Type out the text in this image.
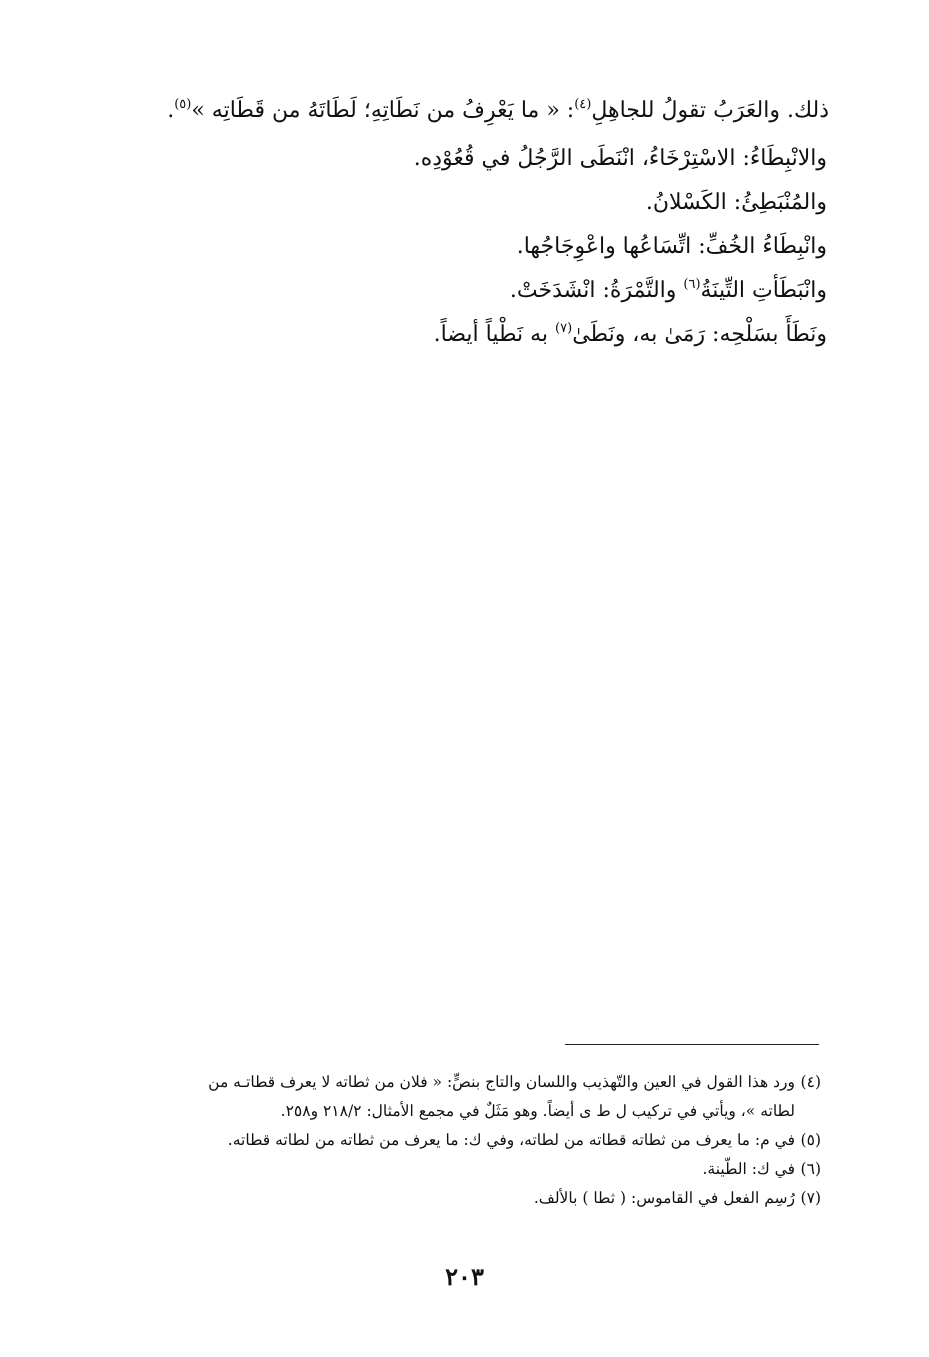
ذلك. والعَرَبُ تقولُ للجاهِلِ$^{(٤)}$: « ما يَعْرِفُ من نَطَاتِهِ؛ لَطَاتَهُ من قَطَاتِه »$^{(٥)}$.
والانْبِطَاءُ: الاسْتِرْخَاءُ، انْنَطَى الرَّجُلُ في قُعُوْدِه.
والمُنْبَطِئُ: الكَسْلانُ.
وانْبِطَاءُ الخُفِّ: اتِّسَاعُها واعْوِجَاجُها.
وانْبَطَأتِ التِّينَةُ$^{(٦)}$ والتَّمْرَةُ: انْشَدَخَتْ.
ونَطَأَ بسَلْحِه: رَمَىٰ به، ونَطَىٰ$^{(٧)}$ به نَطْياً أيضاً.
(٤)
ورد هذا القول في العين والتّهذيب واللسان والتاج بنصٍّ: « فلان من ثطاته لا يعرف قطاتـه من
لطاته »، ويأتي في تركيب ل ط ى أيضاً. وهو مَثَلٌ في مجمع الأمثال: ٢١٨/٢ و٢٥٨.
(٥)
في م: ما يعرف من ثطاته قطاته من لطاته، وفي ك: ما يعرف من ثطاته من لطاته قطاته.
(٦)
في ك: الطّينة.
(٧)
رُسِم الفعل في القاموس: ( ثطا ) بالألف.
٢٠٣
